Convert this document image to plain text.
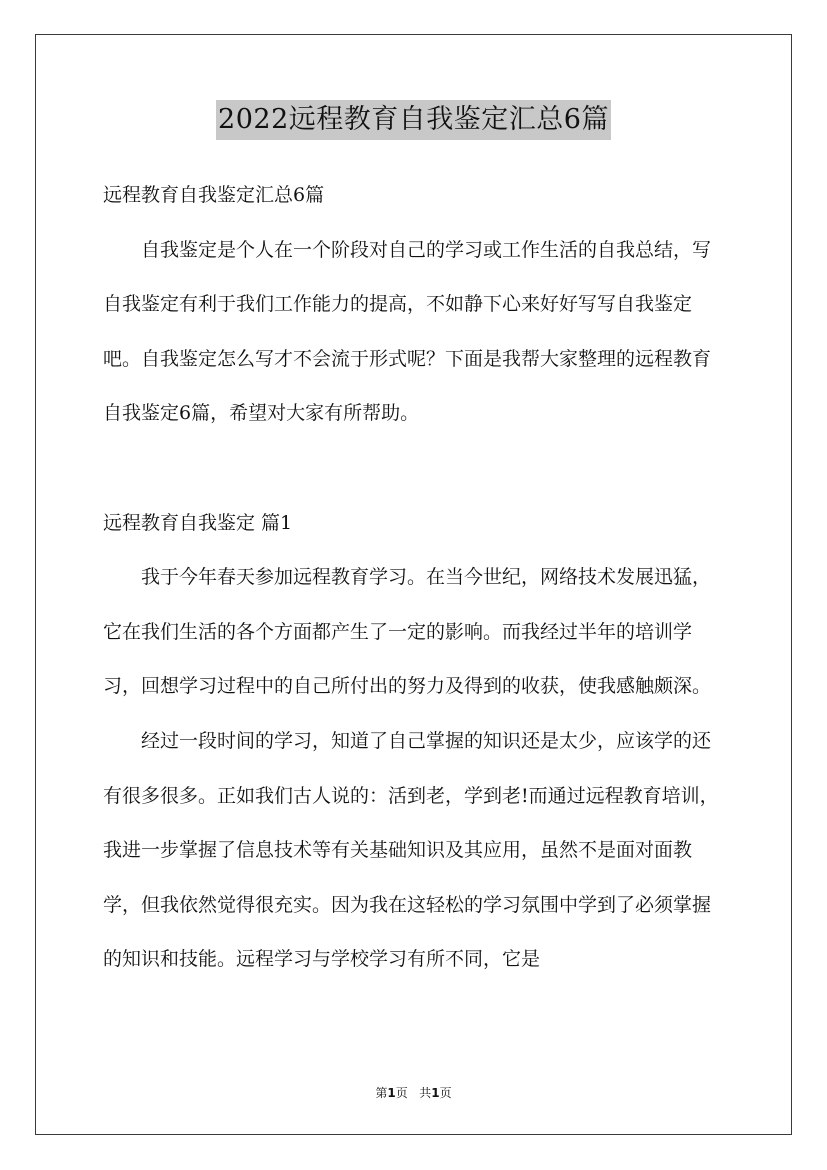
2022远程教育自我鉴定汇总6篇

远程教育自我鉴定汇总6篇

自我鉴定是个人在一个阶段对自己的学习或工作生活的自我总结，写自我鉴定有利于我们工作能力的提高，不如静下心来好好写写自我鉴定吧。自我鉴定怎么写才不会流于形式呢？下面是我帮大家整理的远程教育自我鉴定6篇，希望对大家有所帮助。

远程教育自我鉴定 篇1

我于今年春天参加远程教育学习。在当今世纪，网络技术发展迅猛，它在我们生活的各个方面都产生了一定的影响。而我经过半年的培训学习，回想学习过程中的自己所付出的努力及得到的收获，使我感触颇深。

经过一段时间的学习，知道了自己掌握的知识还是太少，应该学的还有很多很多。正如我们古人说的：活到老，学到老!而通过远程教育培训，我进一步掌握了信息技术等有关基础知识及其应用，虽然不是面对面教学，但我依然觉得很充实。因为我在这轻松的学习氛围中学到了必须掌握的知识和技能。远程学习与学校学习有所不同，它是

第1页 共1页
